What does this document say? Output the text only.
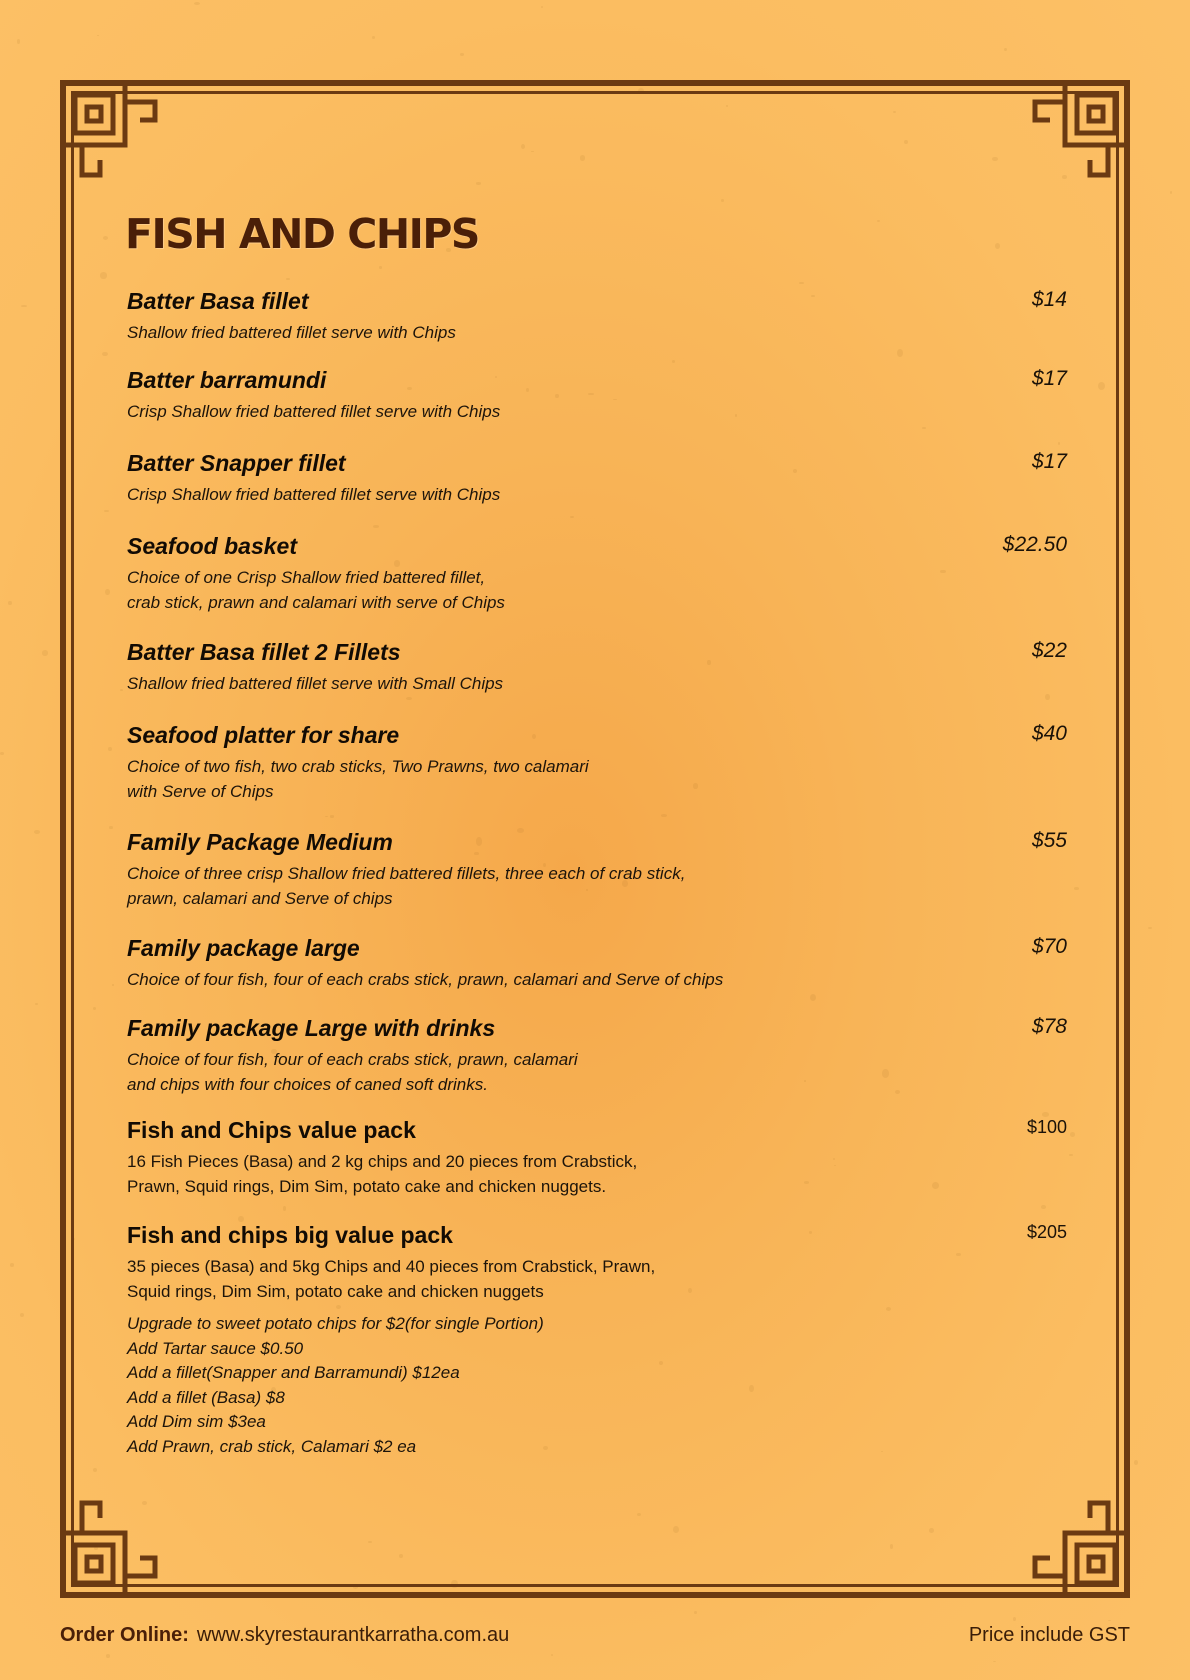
FISH AND CHIPS
Batter Basa fillet
Shallow fried battered fillet serve with Chips
$14
Batter barramundi
Crisp Shallow fried battered fillet serve with Chips
$17
Batter Snapper fillet
Crisp Shallow fried battered fillet serve with Chips
$17
Seafood basket
Choice of one Crisp Shallow fried battered fillet,
crab stick, prawn and calamari with serve of Chips
$22.50
Batter Basa fillet 2 Fillets
Shallow fried battered fillet serve with Small Chips
$22
Seafood platter for share
Choice of two fish, two crab sticks, Two Prawns, two calamari
with Serve of Chips
$40
Family Package Medium
Choice of three crisp Shallow fried battered fillets, three each of crab stick,
prawn, calamari and Serve of chips
$55
Family package large
Choice of four fish, four of each crabs stick, prawn, calamari and Serve of chips
$70
Family package Large with drinks
Choice of four fish, four of each crabs stick, prawn, calamari
and chips with four choices of caned soft drinks.
$78
Fish and Chips value pack
16 Fish Pieces (Basa) and 2 kg chips and 20 pieces from Crabstick,
Prawn, Squid rings, Dim Sim, potato cake and chicken nuggets.
$100
Fish and chips big value pack
35 pieces (Basa) and 5kg Chips and 40 pieces from Crabstick, Prawn,
Squid rings, Dim Sim, potato cake and chicken nuggets
$205
Upgrade to sweet potato chips for $2(for single Portion)
Add Tartar sauce $0.50
Add a fillet(Snapper and Barramundi) $12ea
Add a fillet (Basa) $8
Add Dim sim $3ea
Add Prawn, crab stick, Calamari $2 ea
Order Online: www.skyrestaurantkarratha.com.au	Price include GST
